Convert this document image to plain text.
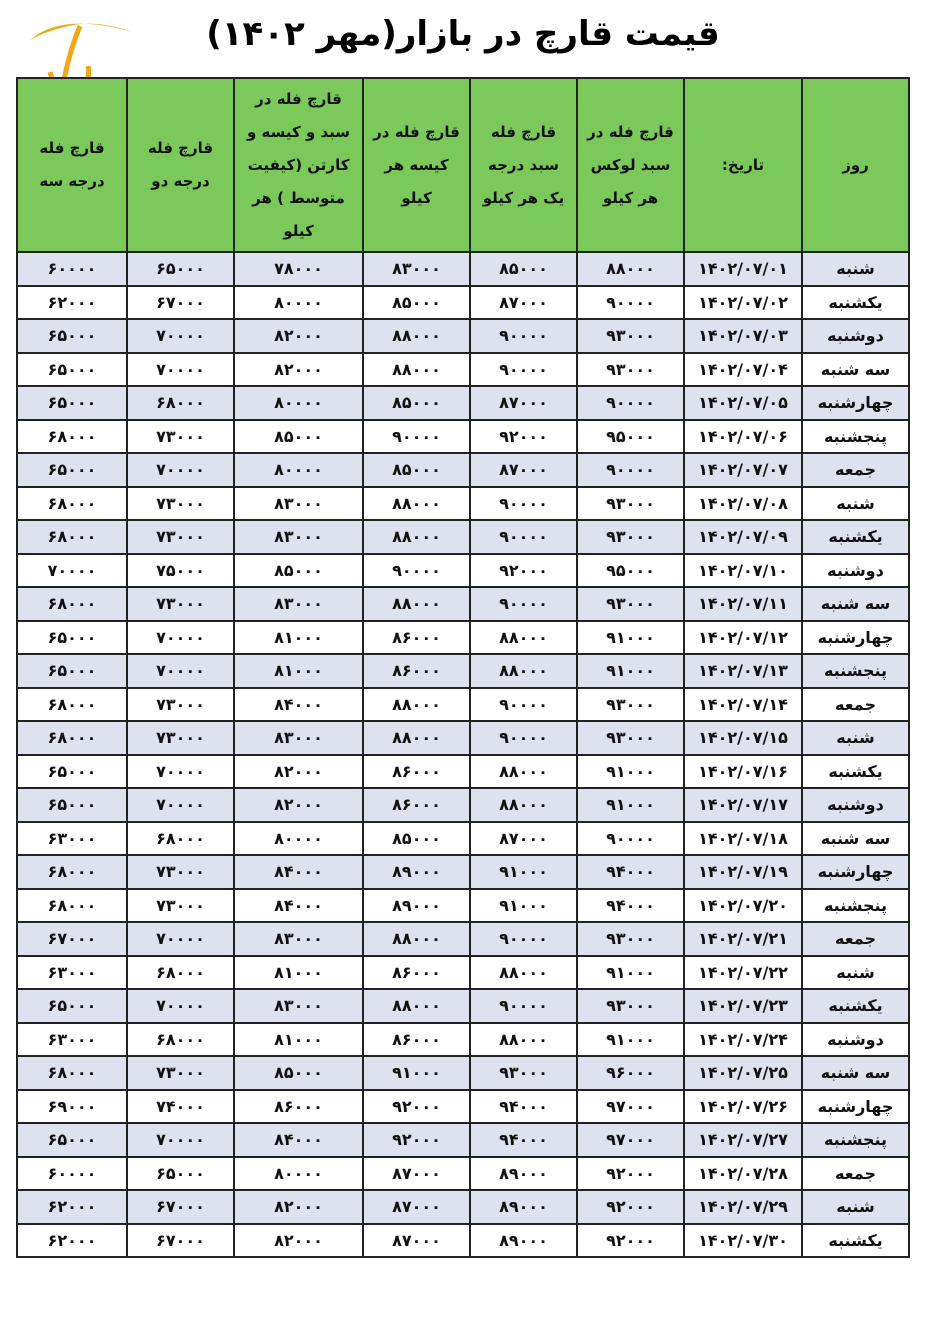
قیمت قارچ در بازار(مهر ۱۴۰۲)
روز	تاریخ:	قارچ فله در سبد لوکس هر کیلو	قارچ فله سبد درجه یک هر کیلو	قارچ فله در کیسه هر کیلو	قارچ فله در سبد و کیسه و کارتن (کیفیت متوسط ) هر کیلو	قارچ فله درجه دو	قارچ فله درجه سه
شنبه	۱۴۰۲/۰۷/۰۱	۸۸۰۰۰	۸۵۰۰۰	۸۳۰۰۰	۷۸۰۰۰	۶۵۰۰۰	۶۰۰۰۰
یکشنبه	۱۴۰۲/۰۷/۰۲	۹۰۰۰۰	۸۷۰۰۰	۸۵۰۰۰	۸۰۰۰۰	۶۷۰۰۰	۶۲۰۰۰
دوشنبه	۱۴۰۲/۰۷/۰۳	۹۳۰۰۰	۹۰۰۰۰	۸۸۰۰۰	۸۲۰۰۰	۷۰۰۰۰	۶۵۰۰۰
سه شنبه	۱۴۰۲/۰۷/۰۴	۹۳۰۰۰	۹۰۰۰۰	۸۸۰۰۰	۸۲۰۰۰	۷۰۰۰۰	۶۵۰۰۰
چهارشنبه	۱۴۰۲/۰۷/۰۵	۹۰۰۰۰	۸۷۰۰۰	۸۵۰۰۰	۸۰۰۰۰	۶۸۰۰۰	۶۵۰۰۰
پنجشنبه	۱۴۰۲/۰۷/۰۶	۹۵۰۰۰	۹۲۰۰۰	۹۰۰۰۰	۸۵۰۰۰	۷۳۰۰۰	۶۸۰۰۰
جمعه	۱۴۰۲/۰۷/۰۷	۹۰۰۰۰	۸۷۰۰۰	۸۵۰۰۰	۸۰۰۰۰	۷۰۰۰۰	۶۵۰۰۰
شنبه	۱۴۰۲/۰۷/۰۸	۹۳۰۰۰	۹۰۰۰۰	۸۸۰۰۰	۸۳۰۰۰	۷۳۰۰۰	۶۸۰۰۰
یکشنبه	۱۴۰۲/۰۷/۰۹	۹۳۰۰۰	۹۰۰۰۰	۸۸۰۰۰	۸۳۰۰۰	۷۳۰۰۰	۶۸۰۰۰
دوشنبه	۱۴۰۲/۰۷/۱۰	۹۵۰۰۰	۹۲۰۰۰	۹۰۰۰۰	۸۵۰۰۰	۷۵۰۰۰	۷۰۰۰۰
سه شنبه	۱۴۰۲/۰۷/۱۱	۹۳۰۰۰	۹۰۰۰۰	۸۸۰۰۰	۸۳۰۰۰	۷۳۰۰۰	۶۸۰۰۰
چهارشنبه	۱۴۰۲/۰۷/۱۲	۹۱۰۰۰	۸۸۰۰۰	۸۶۰۰۰	۸۱۰۰۰	۷۰۰۰۰	۶۵۰۰۰
پنجشنبه	۱۴۰۲/۰۷/۱۳	۹۱۰۰۰	۸۸۰۰۰	۸۶۰۰۰	۸۱۰۰۰	۷۰۰۰۰	۶۵۰۰۰
جمعه	۱۴۰۲/۰۷/۱۴	۹۳۰۰۰	۹۰۰۰۰	۸۸۰۰۰	۸۴۰۰۰	۷۳۰۰۰	۶۸۰۰۰
شنبه	۱۴۰۲/۰۷/۱۵	۹۳۰۰۰	۹۰۰۰۰	۸۸۰۰۰	۸۳۰۰۰	۷۳۰۰۰	۶۸۰۰۰
یکشنبه	۱۴۰۲/۰۷/۱۶	۹۱۰۰۰	۸۸۰۰۰	۸۶۰۰۰	۸۲۰۰۰	۷۰۰۰۰	۶۵۰۰۰
دوشنبه	۱۴۰۲/۰۷/۱۷	۹۱۰۰۰	۸۸۰۰۰	۸۶۰۰۰	۸۲۰۰۰	۷۰۰۰۰	۶۵۰۰۰
سه شنبه	۱۴۰۲/۰۷/۱۸	۹۰۰۰۰	۸۷۰۰۰	۸۵۰۰۰	۸۰۰۰۰	۶۸۰۰۰	۶۳۰۰۰
چهارشنبه	۱۴۰۲/۰۷/۱۹	۹۴۰۰۰	۹۱۰۰۰	۸۹۰۰۰	۸۴۰۰۰	۷۳۰۰۰	۶۸۰۰۰
پنجشنبه	۱۴۰۲/۰۷/۲۰	۹۴۰۰۰	۹۱۰۰۰	۸۹۰۰۰	۸۴۰۰۰	۷۳۰۰۰	۶۸۰۰۰
جمعه	۱۴۰۲/۰۷/۲۱	۹۳۰۰۰	۹۰۰۰۰	۸۸۰۰۰	۸۳۰۰۰	۷۰۰۰۰	۶۷۰۰۰
شنبه	۱۴۰۲/۰۷/۲۲	۹۱۰۰۰	۸۸۰۰۰	۸۶۰۰۰	۸۱۰۰۰	۶۸۰۰۰	۶۳۰۰۰
یکشنبه	۱۴۰۲/۰۷/۲۳	۹۳۰۰۰	۹۰۰۰۰	۸۸۰۰۰	۸۳۰۰۰	۷۰۰۰۰	۶۵۰۰۰
دوشنبه	۱۴۰۲/۰۷/۲۴	۹۱۰۰۰	۸۸۰۰۰	۸۶۰۰۰	۸۱۰۰۰	۶۸۰۰۰	۶۳۰۰۰
سه شنبه	۱۴۰۲/۰۷/۲۵	۹۶۰۰۰	۹۳۰۰۰	۹۱۰۰۰	۸۵۰۰۰	۷۳۰۰۰	۶۸۰۰۰
چهارشنبه	۱۴۰۲/۰۷/۲۶	۹۷۰۰۰	۹۴۰۰۰	۹۲۰۰۰	۸۶۰۰۰	۷۴۰۰۰	۶۹۰۰۰
پنجشنبه	۱۴۰۲/۰۷/۲۷	۹۷۰۰۰	۹۴۰۰۰	۹۲۰۰۰	۸۴۰۰۰	۷۰۰۰۰	۶۵۰۰۰
جمعه	۱۴۰۲/۰۷/۲۸	۹۲۰۰۰	۸۹۰۰۰	۸۷۰۰۰	۸۰۰۰۰	۶۵۰۰۰	۶۰۰۰۰
شنبه	۱۴۰۲/۰۷/۲۹	۹۲۰۰۰	۸۹۰۰۰	۸۷۰۰۰	۸۲۰۰۰	۶۷۰۰۰	۶۲۰۰۰
یکشنبه	۱۴۰۲/۰۷/۳۰	۹۲۰۰۰	۸۹۰۰۰	۸۷۰۰۰	۸۲۰۰۰	۶۷۰۰۰	۶۲۰۰۰
